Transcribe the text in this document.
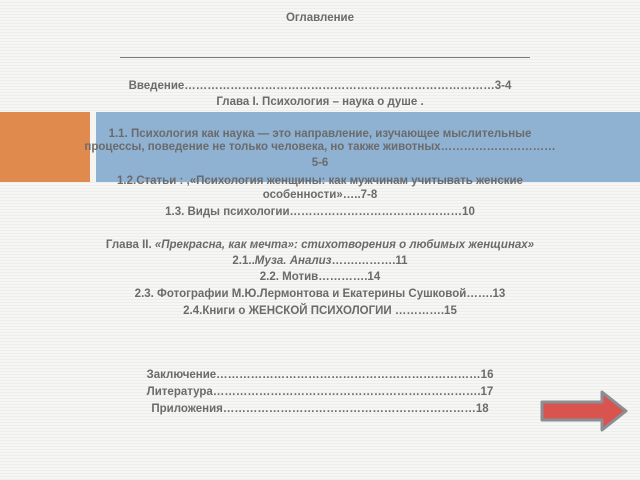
Оглавление
Введение………………………………………………………………………3-4
Глава I. Психология – наука о душе .
1.1. Психология как наука — это направление, изучающее мыслительные
процессы, поведение не только человека, но также животных…………………………
5-6
1.2.Статьи : ,«Психология женщины: как мужчинам учитывать женские
особенности»…..7-8
1.3. Виды психологии………………………………………10
Глава II. «Прекрасна, как мечта»: стихотворения о любимых женщинах»
2.1..Муза. Анализ…….……….11
2.2. Мотив………….14
2.3. Фотографии М.Ю.Лермонтова и Екатерины Сушковой…….13
2.4.Книги о ЖЕНСКОЙ ПСИХОЛОГИИ ………….15
Заключение……………………………………………………………16
Литература…………………………………………………………….17
Приложения…………………………………………………………18
